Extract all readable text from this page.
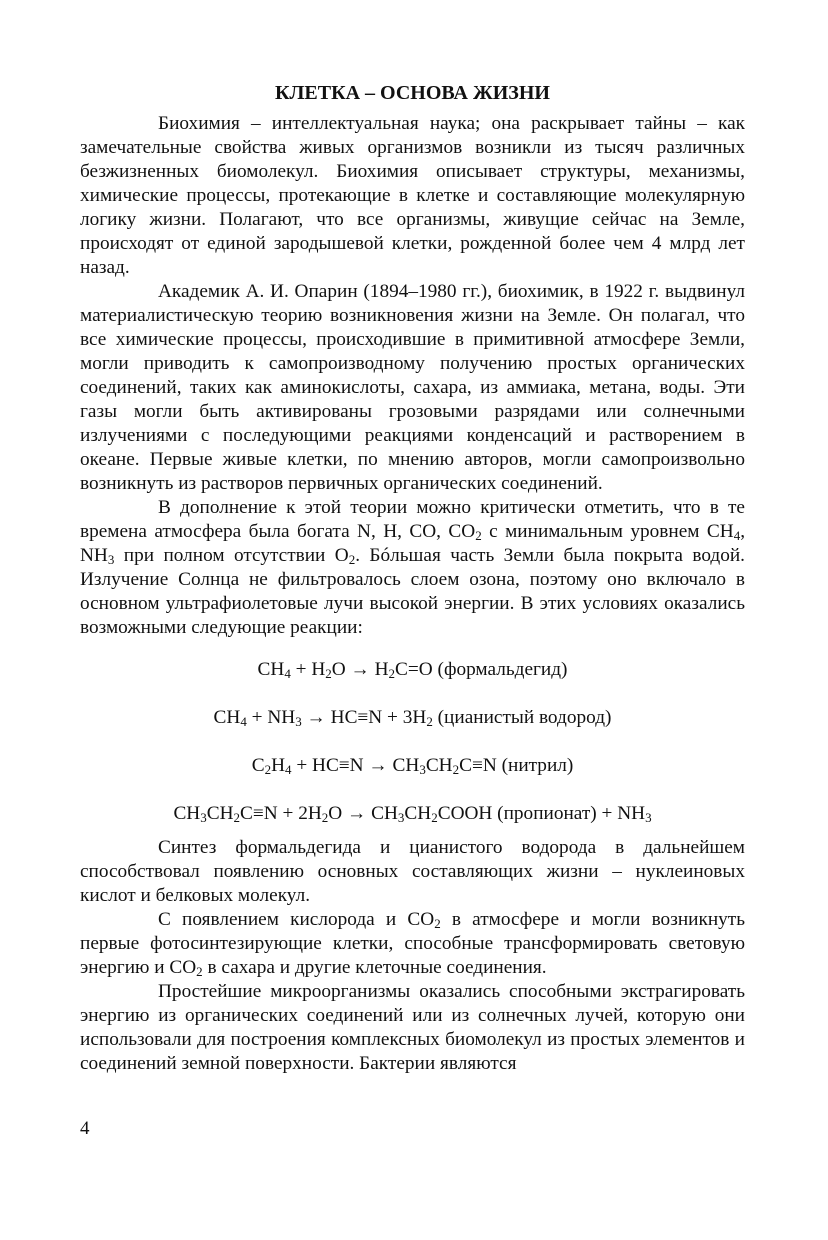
КЛЕТКА – ОСНОВА ЖИЗНИ

Биохимия – интеллектуальная наука; она раскрывает тайны – как замечательные свойства живых организмов возникли из тысяч различных безжизненных биомолекул. Биохимия описывает структуры, механизмы, химические процессы, протекающие в клетке и составляющие молекулярную логику жизни. Полагают, что все организмы, живущие сейчас на Земле, происходят от единой зародышевой клетки, рожденной более чем 4 млрд лет назад.

Академик А. И. Опарин (1894–1980 гг.), биохимик, в 1922 г. выдвинул материалистическую теорию возникновения жизни на Земле. Он полагал, что все химические процессы, происходившие в примитивной атмосфере Земли, могли приводить к самопроизводному получению простых органических соединений, таких как аминокислоты, сахара, из аммиака, метана, воды. Эти газы могли быть активированы грозовыми разрядами или солнечными излучениями с последующими реакциями конденсаций и растворением в океане. Первые живые клетки, по мнению авторов, могли самопроизвольно возникнуть из растворов первичных органических соединений.

В дополнение к этой теории можно критически отметить, что в те времена атмосфера была богата N, H, CO, $CO_2$ с минимальным уровнем $CH_4$, $NH_3$ при полном отсутствии $O_2$. Бóльшая часть Земли была покрыта водой. Излучение Солнца не фильтровалось слоем озона, поэтому оно включало в основном ультрафиолетовые лучи высокой энергии. В этих условиях оказались возможными следующие реакции:

$CH_4 + H_2O \to H_2C=O$ (формальдегид)
$CH_4 + NH_3 \to HC\equiv N + 3H_2$ (цианистый водород)
$C_2H_4 + HC\equiv N \to CH_3CH_2C\equiv N$ (нитрил)
$CH_3CH_2C\equiv N + 2H_2O$ → $CH_3CH_2COOH$ (пропионат) + $NH_3$

Синтез формальдегида и цианистого водорода в дальнейшем способствовал появлению основных составляющих жизни – нуклеиновых кислот и белковых молекул.

С появлением кислорода и $CO_2$ в атмосфере и могли возникнуть первые фотосинтезирующие клетки, способные трансформировать световую энергию и $CO_2$ в сахара и другие клеточные соединения.

Простейшие микроорганизмы оказались способными экстрагировать энергию из органических соединений или из солнечных лучей, которую они использовали для построения комплексных биомолекул из простых элементов и соединений земной поверхности. Бактерии являются

4
